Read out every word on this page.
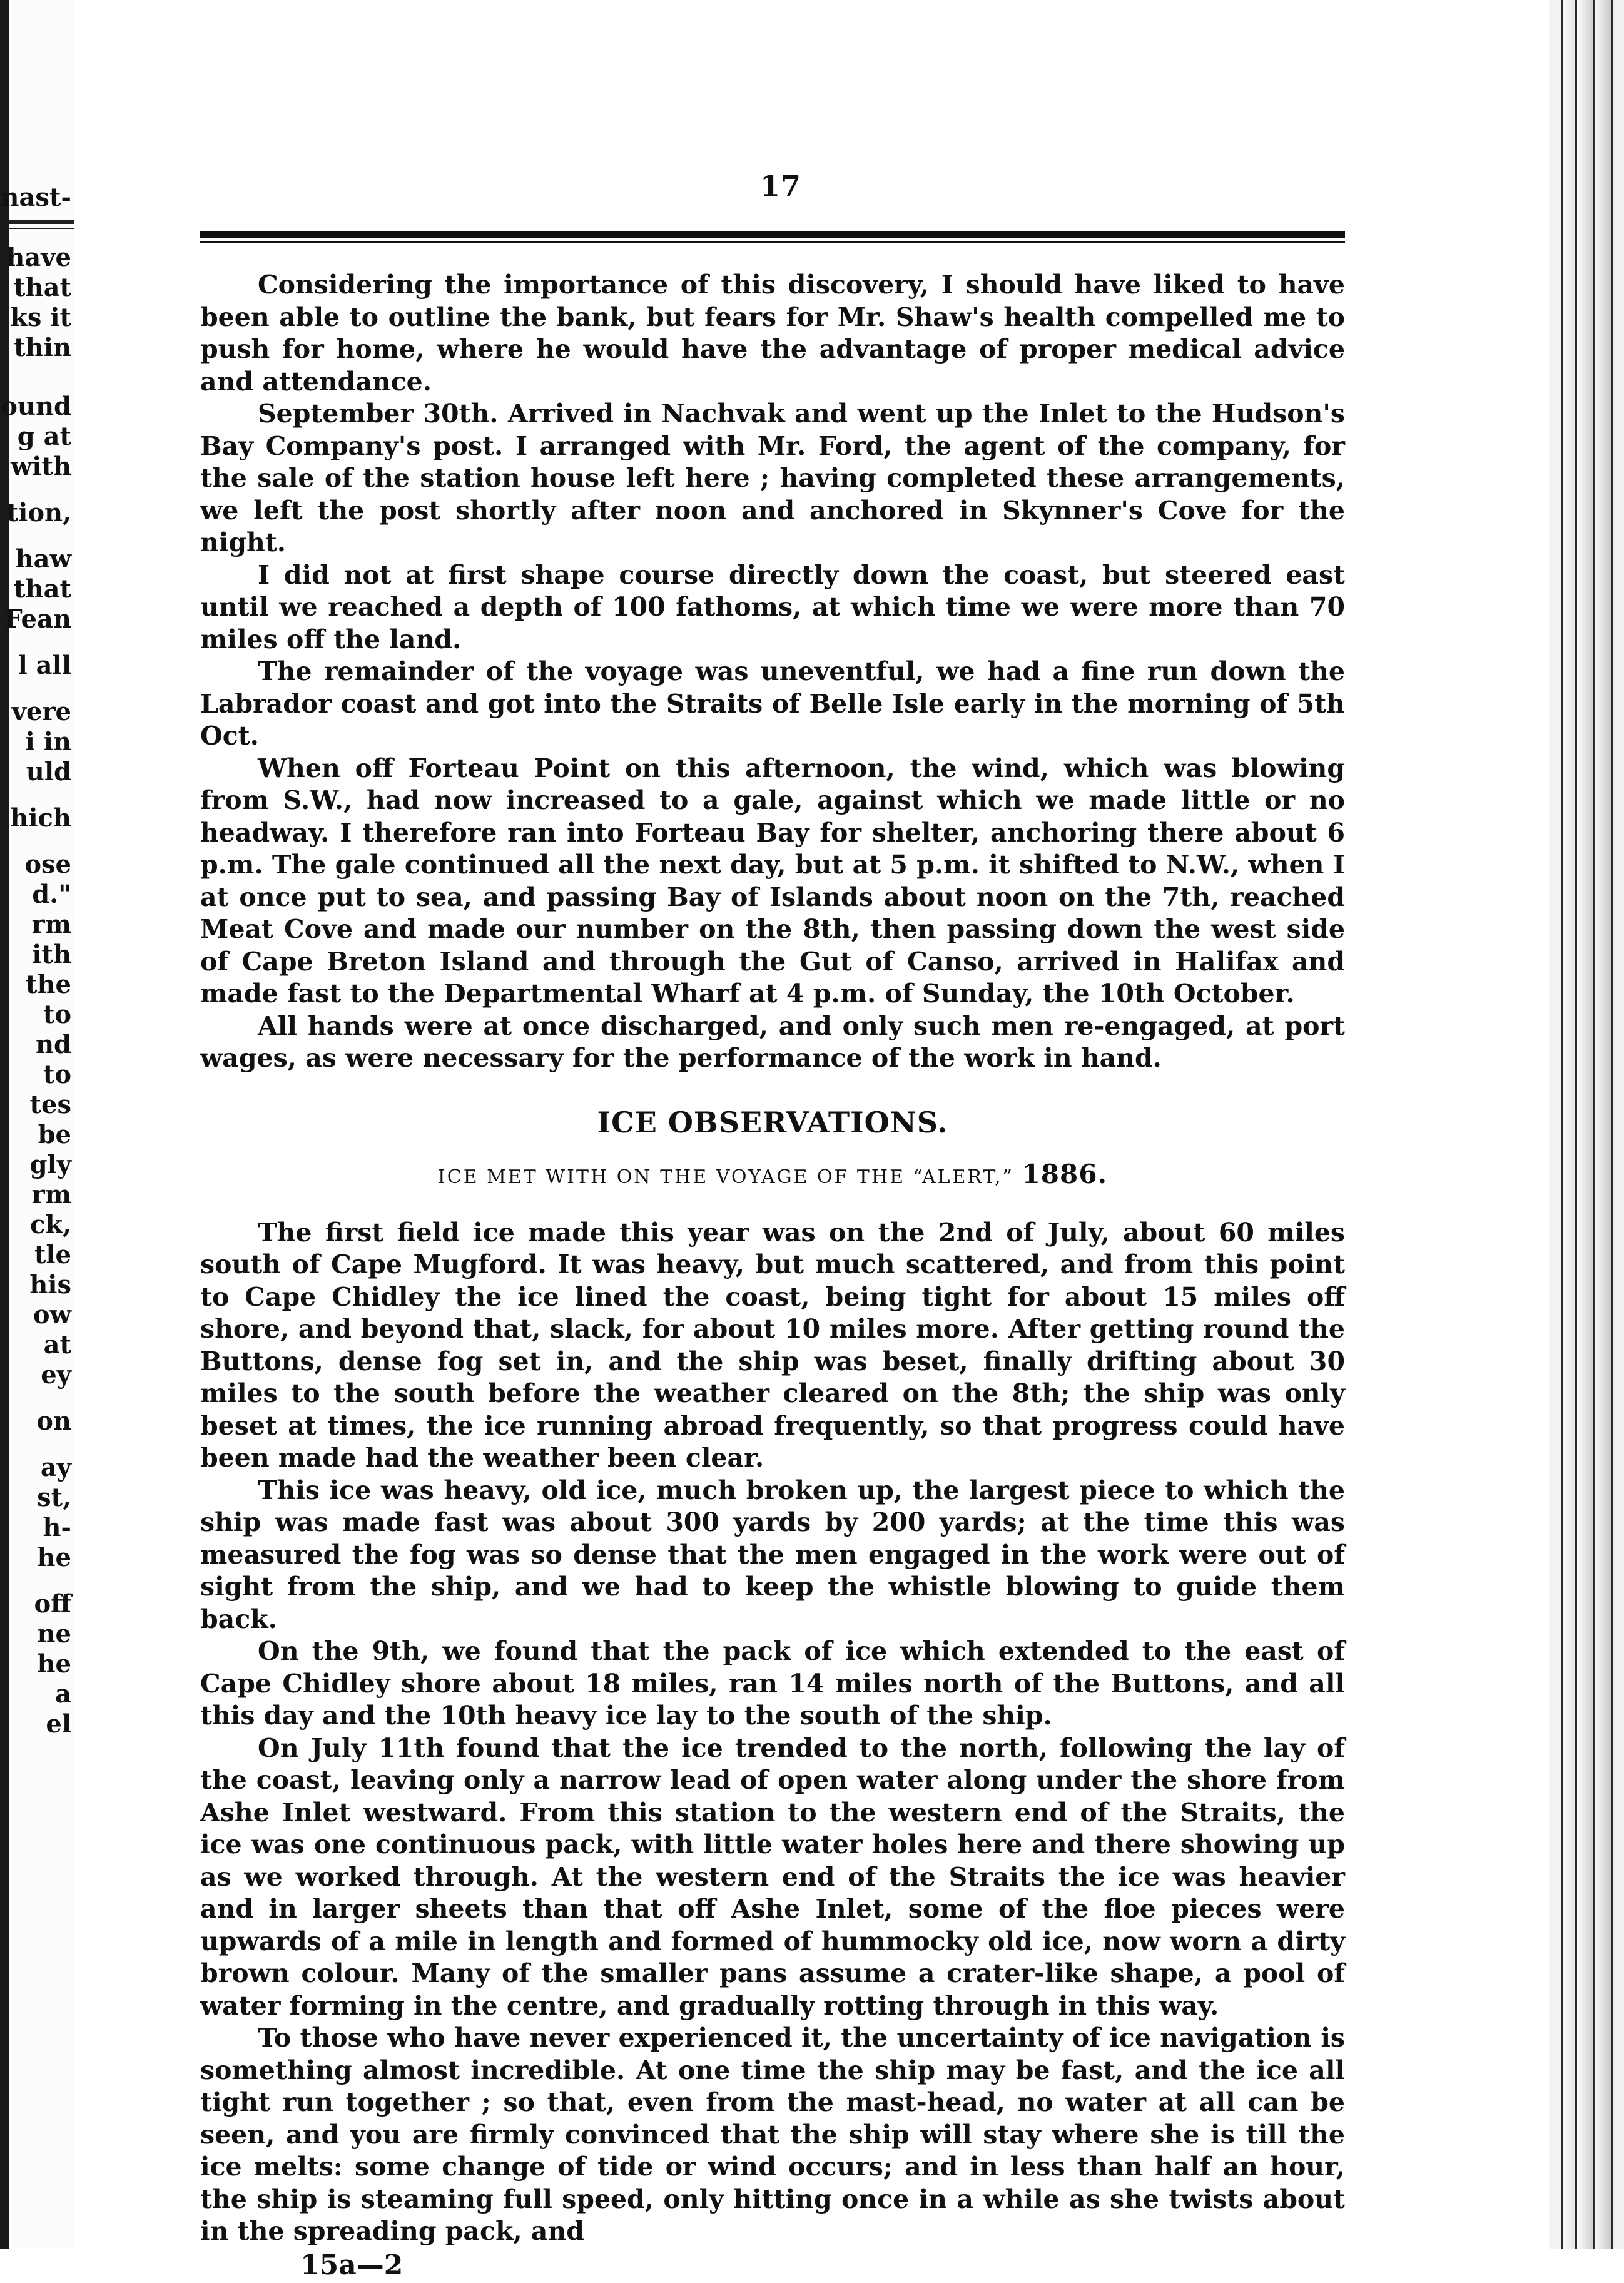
nast-
have
that
ks it
thin
ound
g at
with
tion,
haw
that
Fean
l all
vere
i in
uld
hich
ose
d."
rm
ith
the
to
nd
to
tes
be
gly
rm
ck,
tle
his
ow
at
ey
on
ay
st,
h-
he
off
ne
he
a
el
17

Considering the importance of this discovery, I should have liked to have been able to outline the bank, but fears for Mr. Shaw's health compelled me to push for home, where he would have the advantage of proper medical advice and attendance.

September 30th. Arrived in Nachvak and went up the Inlet to the Hudson's Bay Company's post. I arranged with Mr. Ford, the agent of the company, for the sale of the station house left here ; having completed these arrangements, we left the post shortly after noon and anchored in Skynner's Cove for the night.

I did not at first shape course directly down the coast, but steered east until we reached a depth of 100 fathoms, at which time we were more than 70 miles off the land.

The remainder of the voyage was uneventful, we had a fine run down the Labrador coast and got into the Straits of Belle Isle early in the morning of 5th Oct.

When off Forteau Point on this afternoon, the wind, which was blowing from S.W., had now increased to a gale, against which we made little or no headway. I therefore ran into Forteau Bay for shelter, anchoring there about 6 p.m. The gale continued all the next day, but at 5 p.m. it shifted to N.W., when I at once put to sea, and passing Bay of Islands about noon on the 7th, reached Meat Cove and made our number on the 8th, then passing down the west side of Cape Breton Island and through the Gut of Canso, arrived in Halifax and made fast to the Departmental Wharf at 4 p.m. of Sunday, the 10th October.

All hands were at once discharged, and only such men re-engaged, at port wages, as were necessary for the performance of the work in hand.

ICE OBSERVATIONS.
ICE MET WITH ON THE VOYAGE OF THE “ALERT,” 1886.

The first field ice made this year was on the 2nd of July, about 60 miles south of Cape Mugford. It was heavy, but much scattered, and from this point to Cape Chidley the ice lined the coast, being tight for about 15 miles off shore, and beyond that, slack, for about 10 miles more. After getting round the Buttons, dense fog set in, and the ship was beset, finally drifting about 30 miles to the south before the weather cleared on the 8th; the ship was only beset at times, the ice running abroad frequently, so that progress could have been made had the weather been clear.

This ice was heavy, old ice, much broken up, the largest piece to which the ship was made fast was about 300 yards by 200 yards; at the time this was measured the fog was so dense that the men engaged in the work were out of sight from the ship, and we had to keep the whistle blowing to guide them back.

On the 9th, we found that the pack of ice which extended to the east of Cape Chidley shore about 18 miles, ran 14 miles north of the Buttons, and all this day and the 10th heavy ice lay to the south of the ship.

On July 11th found that the ice trended to the north, following the lay of the coast, leaving only a narrow lead of open water along under the shore from Ashe Inlet westward. From this station to the western end of the Straits, the ice was one continuous pack, with little water holes here and there showing up as we worked through. At the western end of the Straits the ice was heavier and in larger sheets than that off Ashe Inlet, some of the floe pieces were upwards of a mile in length and formed of hummocky old ice, now worn a dirty brown colour. Many of the smaller pans assume a crater-like shape, a pool of water forming in the centre, and gradually rotting through in this way.

To those who have never experienced it, the uncertainty of ice navigation is something almost incredible. At one time the ship may be fast, and the ice all tight run together ; so that, even from the mast-head, no water at all can be seen, and you are firmly convinced that the ship will stay where she is till the ice melts: some change of tide or wind occurs; and in less than half an hour, the ship is steaming full speed, only hitting once in a while as she twists about in the spreading pack, and

15a—2
